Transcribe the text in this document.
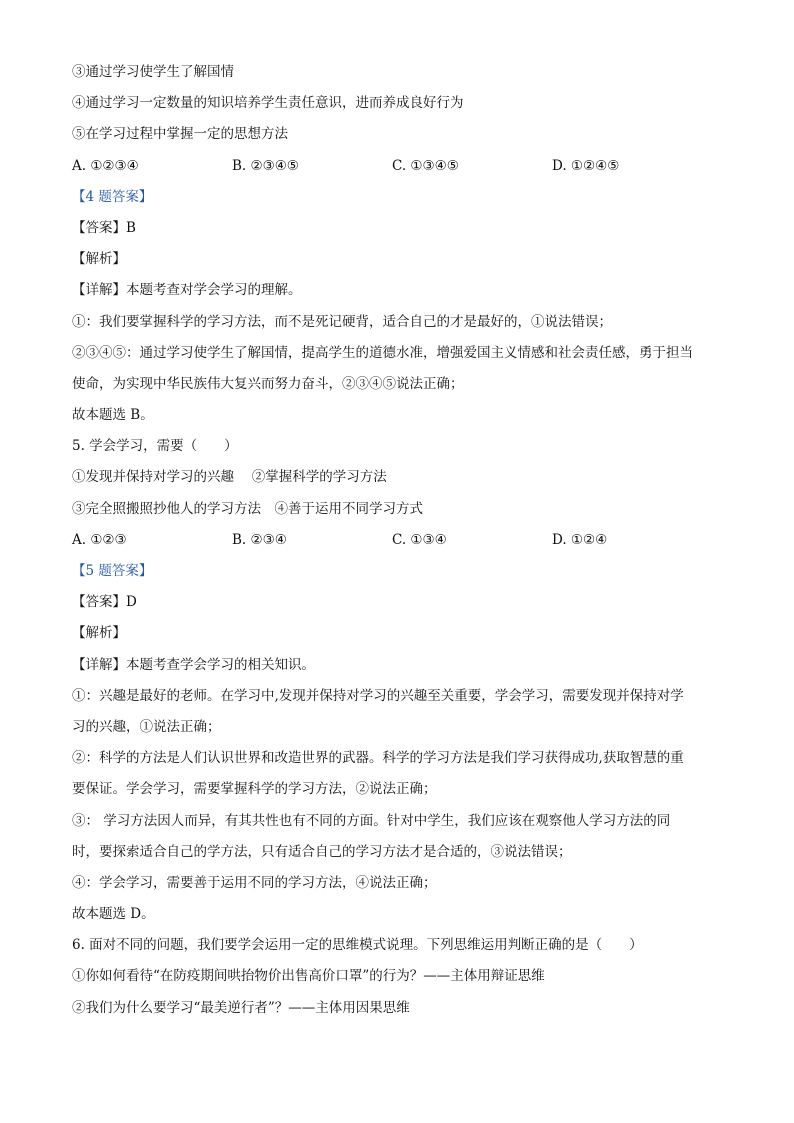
③通过学习使学生了解国情
④通过学习一定数量的知识培养学生责任意识，进而养成良好行为
⑤在学习过程中掌握一定的思想方法
A. ①②③④	B. ②③④⑤	C. ①③④⑤	D. ①②④⑤
【4 题答案】
【答案】B
【解析】
【详解】本题考查对学会学习的理解。
①：我们要掌握科学的学习方法，而不是死记硬背，适合自己的才是最好的，①说法错误；
②③④⑤：通过学习使学生了解国情，提高学生的道德水准，增强爱国主义情感和社会责任感，勇于担当
使命，为实现中华民族伟大复兴而努力奋斗，②③④⑤说法正确；
故本题选 B。
5. 学会学习，需要（　　）
①发现并保持对学习的兴趣　 ②掌握科学的学习方法
③完全照搬照抄他人的学习方法　④善于运用不同学习方式
A. ①②③	B. ②③④	C. ①③④	D. ①②④
【5 题答案】
【答案】D
【解析】
【详解】本题考查学会学习的相关知识。
①：兴趣是最好的老师。在学习中,发现并保持对学习的兴趣至关重要，学会学习，需要发现并保持对学
习的兴趣，①说法正确；
②：科学的方法是人们认识世界和改造世界的武器。科学的学习方法是我们学习获得成功,获取智慧的重
要保证。学会学习，需要掌握科学的学习方法，②说法正确；
③： 学习方法因人而异，有其共性也有不同的方面。针对中学生，我们应该在观察他人学习方法的同
时，要探索适合自己的学方法，只有适合自己的学习方法才是合适的，③说法错误；
④：学会学习，需要善于运用不同的学习方法，④说法正确；
故本题选 D。
6. 面对不同的问题，我们要学会运用一定的思维模式说理。下列思维运用判断正确的是（　　）
①你如何看待“在防疫期间哄抬物价出售高价口罩”的行为？——主体用辩证思维
②我们为什么要学习“最美逆行者”？——主体用因果思维
